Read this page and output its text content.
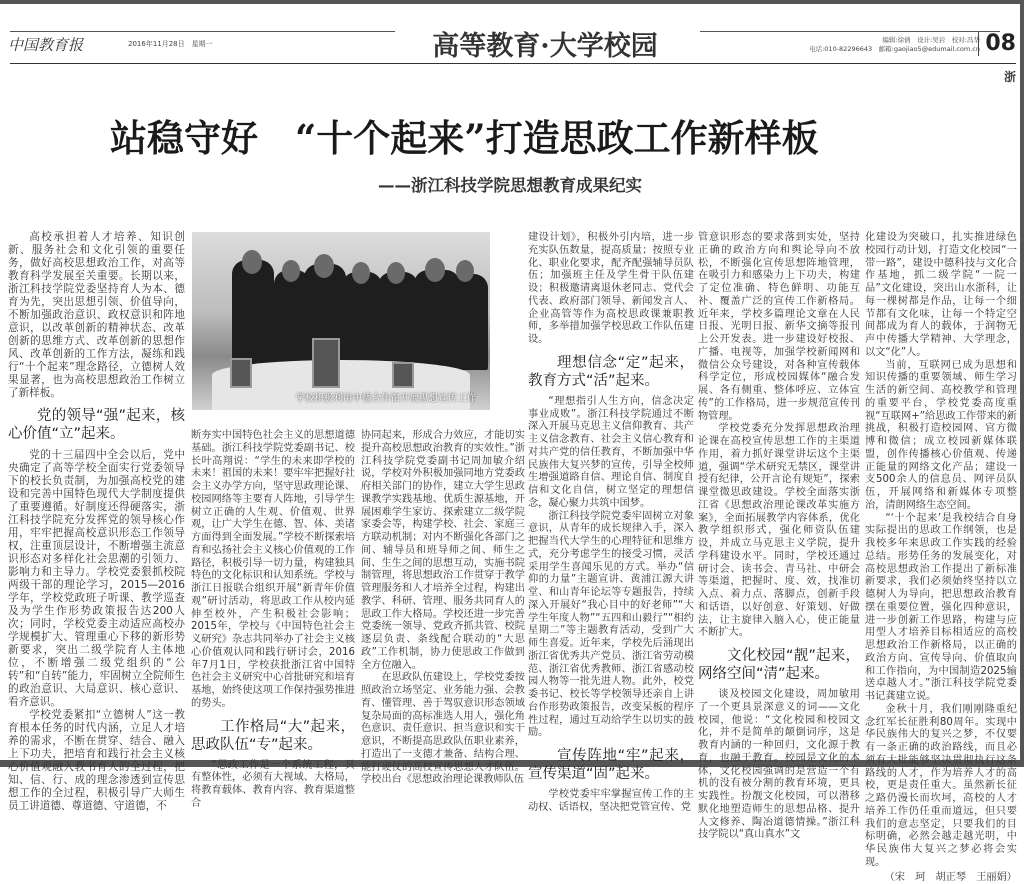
中国教育报	2016年11月28日　星期一	高等教育·大学校园	编辑:徐倩　设计:吴岩　校对:冯华
电话:010-82296643　邮箱:gaojiao5@edumail.com.cn 08
浙
站稳守好　“十个起来”打造思政工作新样板
——浙江科技学院思想教育成果纪实
学校积极利用中德合作馆开展思想宣传工作

高校承担着人才培养、知识创新、服务社会和文化引领的重要任务，做好高校思想政治工作，对高等教育科学发展至关重要。长期以来，浙江科技学院党委坚持育人为本、德育为先，突出思想引领、价值导向，不断加强政治意识、政权意识和阵地意识，以改革创新的精神状态、改革创新的思维方式、改革创新的思想作风、改革创新的工作方法，凝练和践行“十个起来”理念路径，立德树人效果显著，也为高校思想政治工作树立了新样板。

党的领导“强”起来，核心价值“立”起来。

党的十三届四中全会以后，党中央确定了高等学校全面实行党委领导下的校长负责制，为加强高校党的建设和完善中国特色现代大学制度提供了重要遵循。好制度还得硬落实，浙江科技学院充分发挥党的领导核心作用，牢牢把握高校意识形态工作领导权，注重顶层设计，不断增强主流意识形态对多样化社会思潮的引领力、影响力和主导力。学校党委狠抓校院两级干部的理论学习，2015—2016学年，学校党政班子听课、教学巡查及为学生作形势政策报告达200人次；同时，学校党委主动适应高校办学规模扩大、管理重心下移的新形势新要求，突出二级学院育人主体地位，不断增强二级党组织的“公转”和“自转”能力，牢固树立全院师生的政治意识、大局意识、核心意识、看齐意识。

学校党委紧扣“立德树人”这一教育根本任务的时代内涵，立足人才培养的需求，不断在贯穿、结合、融入上下功夫，把培育和践行社会主义核心价值观融入教书育人的全过程，把知、信、行、成的理念渗透到宣传思想工作的全过程，积极引导广大师生员工讲道德、尊道德、守道德，不

断夯实中国特色社会主义的思想道德基础。浙江科技学院党委副书记、校长叶高翔说：“学生的未来即学校的未来！祖国的未来！要牢牢把握好社会主义办学方向，坚守思政理论课、校园网络等主要育人阵地，引导学生树立正确的人生观、价值观、世界观，让广大学生在德、智、体、美诸方面得到全面发展。”学校不断探索培育和弘扬社会主义核心价值观的工作路径，积极引导一切力量，构建独具特色的文化标识和认知系统。学校与浙江日报联合组织开展“新青年价值观”研讨活动，将思政工作从校内延伸至校外，产生积极社会影响；2015年，学校与《中国特色社会主义研究》杂志共同举办了社会主义核心价值观认同和践行研讨会，2016年7月1日，学校获批浙江省中国特色社会主义研究中心首批研究和培育基地，始终使这项工作保持强势推进的势头。

工作格局“大”起来，思政队伍“专”起来。

“思政工作是一个系统工程，具有整体性，必须有大视域、大格局，将教育载体、教育内容、教育渠道整合

协同起来，形成合力效应，才能切实提升高校思想政治教育的实效性。”浙江科技学院党委副书记周加敏介绍说，学校对外积极加强同地方党委政府相关部门的协作，建立大学生思政课教学实践基地、优质生源基地，开展困难学生家访、探索建立二级学院家委会等，构建学校、社会、家庭三方联动机制；对内不断强化各部门之间、辅导员和班导师之间、师生之间、生生之间的思想互动，实施书院制管理，将思想政治工作贯穿于教学管理服务和人才培养全过程，构建出教学、科研、管理、服务共同育人的思政工作大格局。学校还进一步完善党委统一领导、党政齐抓共管、校院逐层负责、条线配合联动的“大思政”工作机制，协力使思政工作做到全方位融入。

在思政队伍建设上，学校党委按照政治立场坚定、业务能力强、会教育、懂管理、善于驾驭意识形态领域复杂局面的高标准选人用人，强化角色意识、责任意识、担当意识和实干意识，不断提高思政队伍职业素养，打造出了一支德才兼备、结构合理、能打硬仗的高校宣传思想人才队伍。学校出台《思想政治理论课教师队伍

建设计划》，积极外引内培，进一步充实队伍数量，提高质量；按照专业化、职业化要求，配齐配强辅导员队伍；加强班主任及学生骨干队伍建设；积极邀请离退休老同志、党代会代表、政府部门领导、新闻发言人、企业高管等作为高校思政课兼职教师，多举措加强学校思政工作队伍建设。

理想信念“定”起来，教育方式“活”起来。

“理想指引人生方向，信念决定事业成败”。浙江科技学院通过不断深入开展马克思主义信仰教育、共产主义信念教育、社会主义信心教育和对共产党的信任教育，不断加强中华民族伟大复兴梦的宣传，引导全校师生增强道路自信、理论自信、制度自信和文化自信，树立坚定的理想信念，凝心聚力共筑中国梦。

浙江科技学院党委牢固树立对象意识，从青年的成长规律入手，深入把握当代大学生的心理特征和思维方式，充分考虑学生的接受习惯，灵活采用学生喜闻乐见的方式。举办“信仰的力量”主题宣讲、黄浦江源大讲堂、和山青年论坛等专题报告，持续深入开展好“我心目中的好老师”“大学生年度人物”“五四和山毅行”“相约星期二”等主题教育活动，受到广大师生喜爱。近年来，学校先后涌现出浙江省优秀共产党员、浙江省劳动模范、浙江省优秀教师、浙江省感动校园人物等一批先进人物。此外，校党委书记、校长等学校领导还亲自上讲台作形势政策报告，改变呆板的程序性过程，通过互动给学生以切实的鼓励。

宣传阵地“牢”起来，宣传渠道“固”起来。

学校党委牢牢掌握宣传工作的主动权、话语权，坚决把党管宣传、党

管意识形态的要求落到实处，坚持正确的政治方向和舆论导向不放松，不断强化宣传思想阵地管理，在吸引力和感染力上下功夫，构建了定位准确、特色鲜明、功能互补、覆盖广泛的宣传工作新格局。近年来，学校多篇理论文章在人民日报、光明日报、新华文摘等报刊上公开发表。进一步建设好校报、广播、电视等，加强学校新闻网和微信公众号建设，对各种宣传载体科学定位，形成校园媒体“融合发展、各有侧重、整体呼应、立体宣传”的工作格局，进一步规范宣传刊物管理。

学校党委充分发挥思想政治理论课在高校宣传思想工作的主渠道作用，着力抓好课堂讲坛这个主渠道，强调“学术研究无禁区，课堂讲授有纪律，公开言论有规矩”，探索课堂微思政建设。学校全面落实浙江省《思想政治理论课改革实施方案》，全面拓展教学内容体系，优化教学组织形式，强化师资队伍建设，并成立马克思主义学院，提升学科建设水平。同时，学校还通过研讨会、读书会、青马社、中研会等渠道，把握时、度、效，找准切入点、着力点、落脚点，创新手段和话语，以好创意、好策划、好做法，让主旋律入脑入心，使正能量不断扩大。

文化校园“靓”起来，网络空间“清”起来。

谈及校园文化建设，周加敏用了一个更具景深意义的词——文化校园，他说：“文化校园和校园文化，并不是简单的颠倒词序，这是教育内涵的一种回归，文化源于教育，也融于教育。校园是文化的本体，文化校园强调的是营造一个有机的没有被分割的教育环境，更具实践性。扮靓文化校园，可以潜移默化地塑造师生的思想品格、提升人文修养、陶冶道德情操。”浙江科技学院以“真山真水”文

化建设为突破口，扎实推进绿色校园行动计划，打造文化校园“一带一路”，建设中德科技与文化合作基地，抓二级学院“一院一品”文化建设，突出山水浙科，让每一棵树都是作品，让每一个细节都有文化味，让每一个特定空间都成为育人的载体，于润物无声中传播大学精神、大学理念，以文“化”人。

当前，互联网已成为思想和知识传播的重要领域、师生学习生活的新空间、高校教学和管理的重要平台，学校党委高度重视“互联网+”给思政工作带来的新挑战，积极打造校园网、官方微博和微信；成立校园新媒体联盟，创作传播核心价值观、传递正能量的网络文化产品；建设一支500余人的信息员、网评员队伍，开展网络和新媒体专项整治，清朗网络生态空间。

“‘十个起来’是我校结合自身实际提出的思政工作纲领，也是我校多年来思政工作实践的经验总结。形势任务的发展变化，对高校思想政治工作提出了新标准新要求，我们必须始终坚持以立德树人为导向，把思想政治教育摆在重要位置，强化四种意识，进一步创新工作思路，构建与应用型人才培养目标相适应的高校思想政治工作新格局，以正确的政治方向、宣传导向、价值取向和工作指向，为中国制造2025输送卓越人才。”浙江科技学院党委书记龚建立说。

金秋十月，我们刚刚隆重纪念红军长征胜利80周年。实现中华民族伟大的复兴之梦，不仅要有一条正确的政治路线，而且必须有大批能够坚决贯彻执行这条路线的人才，作为培养人才的高校，更是责任重大。虽然新长征之路仍漫长而坎坷，高校的人才培养工作仍任重而道远，但只要我们的意志坚定，只要我们的目标明确，必然会越走越光明，中华民族伟大复兴之梦必将会实现。

（宋　珂　胡正琴　王丽娟）
